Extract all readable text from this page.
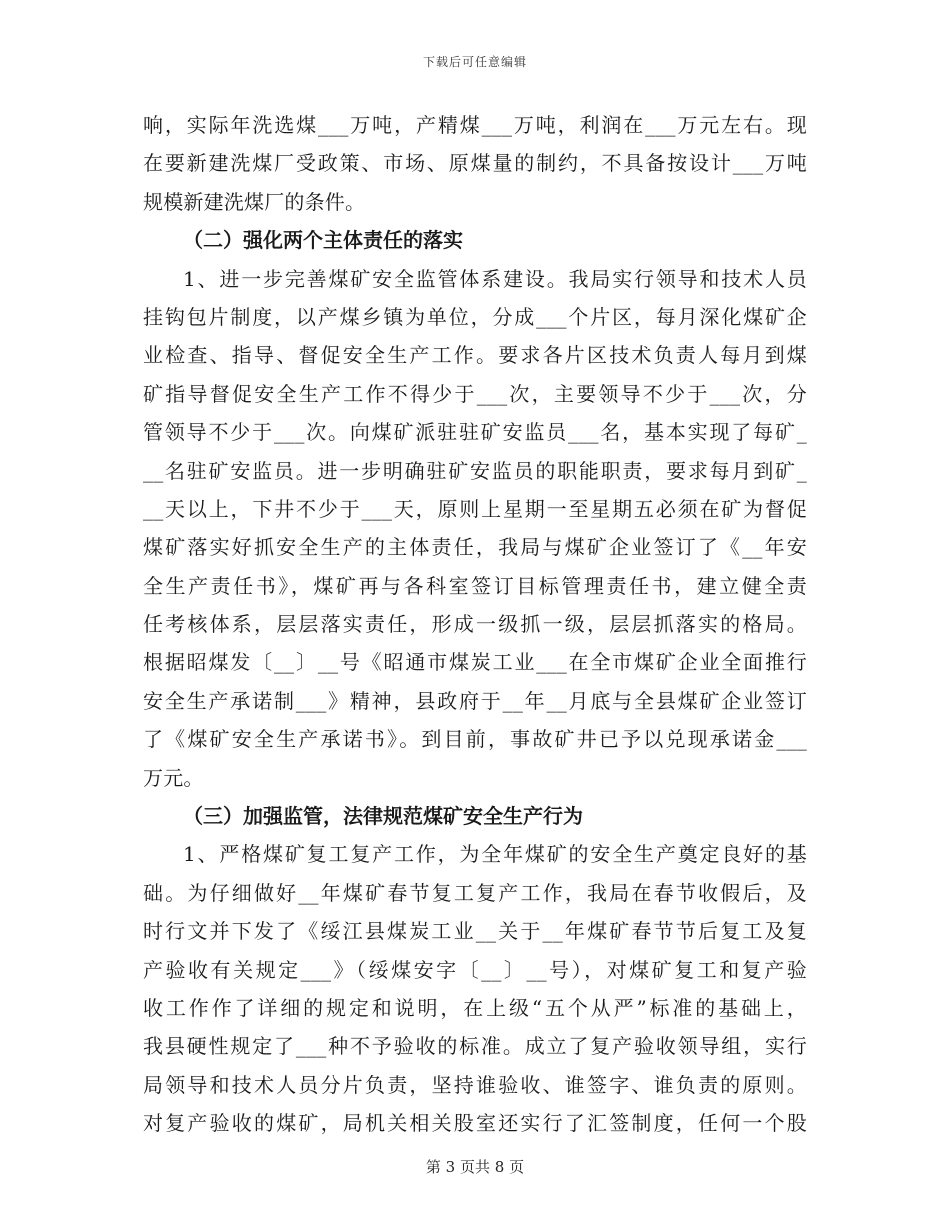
下载后可任意编辑
响，实际年洗选煤___万吨，产精煤___万吨，利润在___万元左右。现
在要新建洗煤厂受政策、市场、原煤量的制约，不具备按设计___万吨
规模新建洗煤厂的条件。
（二）强化两个主体责任的落实
1、进一步完善煤矿安全监管体系建设。我局实行领导和技术人员
挂钩包片制度，以产煤乡镇为单位，分成___个片区，每月深化煤矿企
业检查、指导、督促安全生产工作。要求各片区技术负责人每月到煤
矿指导督促安全生产工作不得少于___次，主要领导不少于___次，分
管领导不少于___次。向煤矿派驻驻矿安监员___名，基本实现了每矿_
__名驻矿安监员。进一步明确驻矿安监员的职能职责，要求每月到矿_
__天以上，下井不少于___天，原则上星期一至星期五必须在矿为督促
煤矿落实好抓安全生产的主体责任，我局与煤矿企业签订了《__年安
全生产责任书》，煤矿再与各科室签订目标管理责任书，建立健全责
任考核体系，层层落实责任，形成一级抓一级，层层抓落实的格局。
根据昭煤发〔__〕__号《昭通市煤炭工业___在全市煤矿企业全面推行
安全生产承诺制___》精神，县政府于__年__月底与全县煤矿企业签订
了《煤矿安全生产承诺书》。到目前，事故矿井已予以兑现承诺金___
万元。
（三）加强监管，法律规范煤矿安全生产行为
1、严格煤矿复工复产工作，为全年煤矿的安全生产奠定良好的基
础。为仔细做好__年煤矿春节复工复产工作，我局在春节收假后，及
时行文并下发了《绥江县煤炭工业__关于__年煤矿春节节后复工及复
产验收有关规定___》（绥煤安字〔__〕__号），对煤矿复工和复产验
收工作作了详细的规定和说明，在上级“五个从严”标准的基础上，
我县硬性规定了___种不予验收的标准。成立了复产验收领导组，实行
局领导和技术人员分片负责，坚持谁验收、谁签字、谁负责的原则。
对复产验收的煤矿，局机关相关股室还实行了汇签制度，任何一个股
第 3 页共 8 页
